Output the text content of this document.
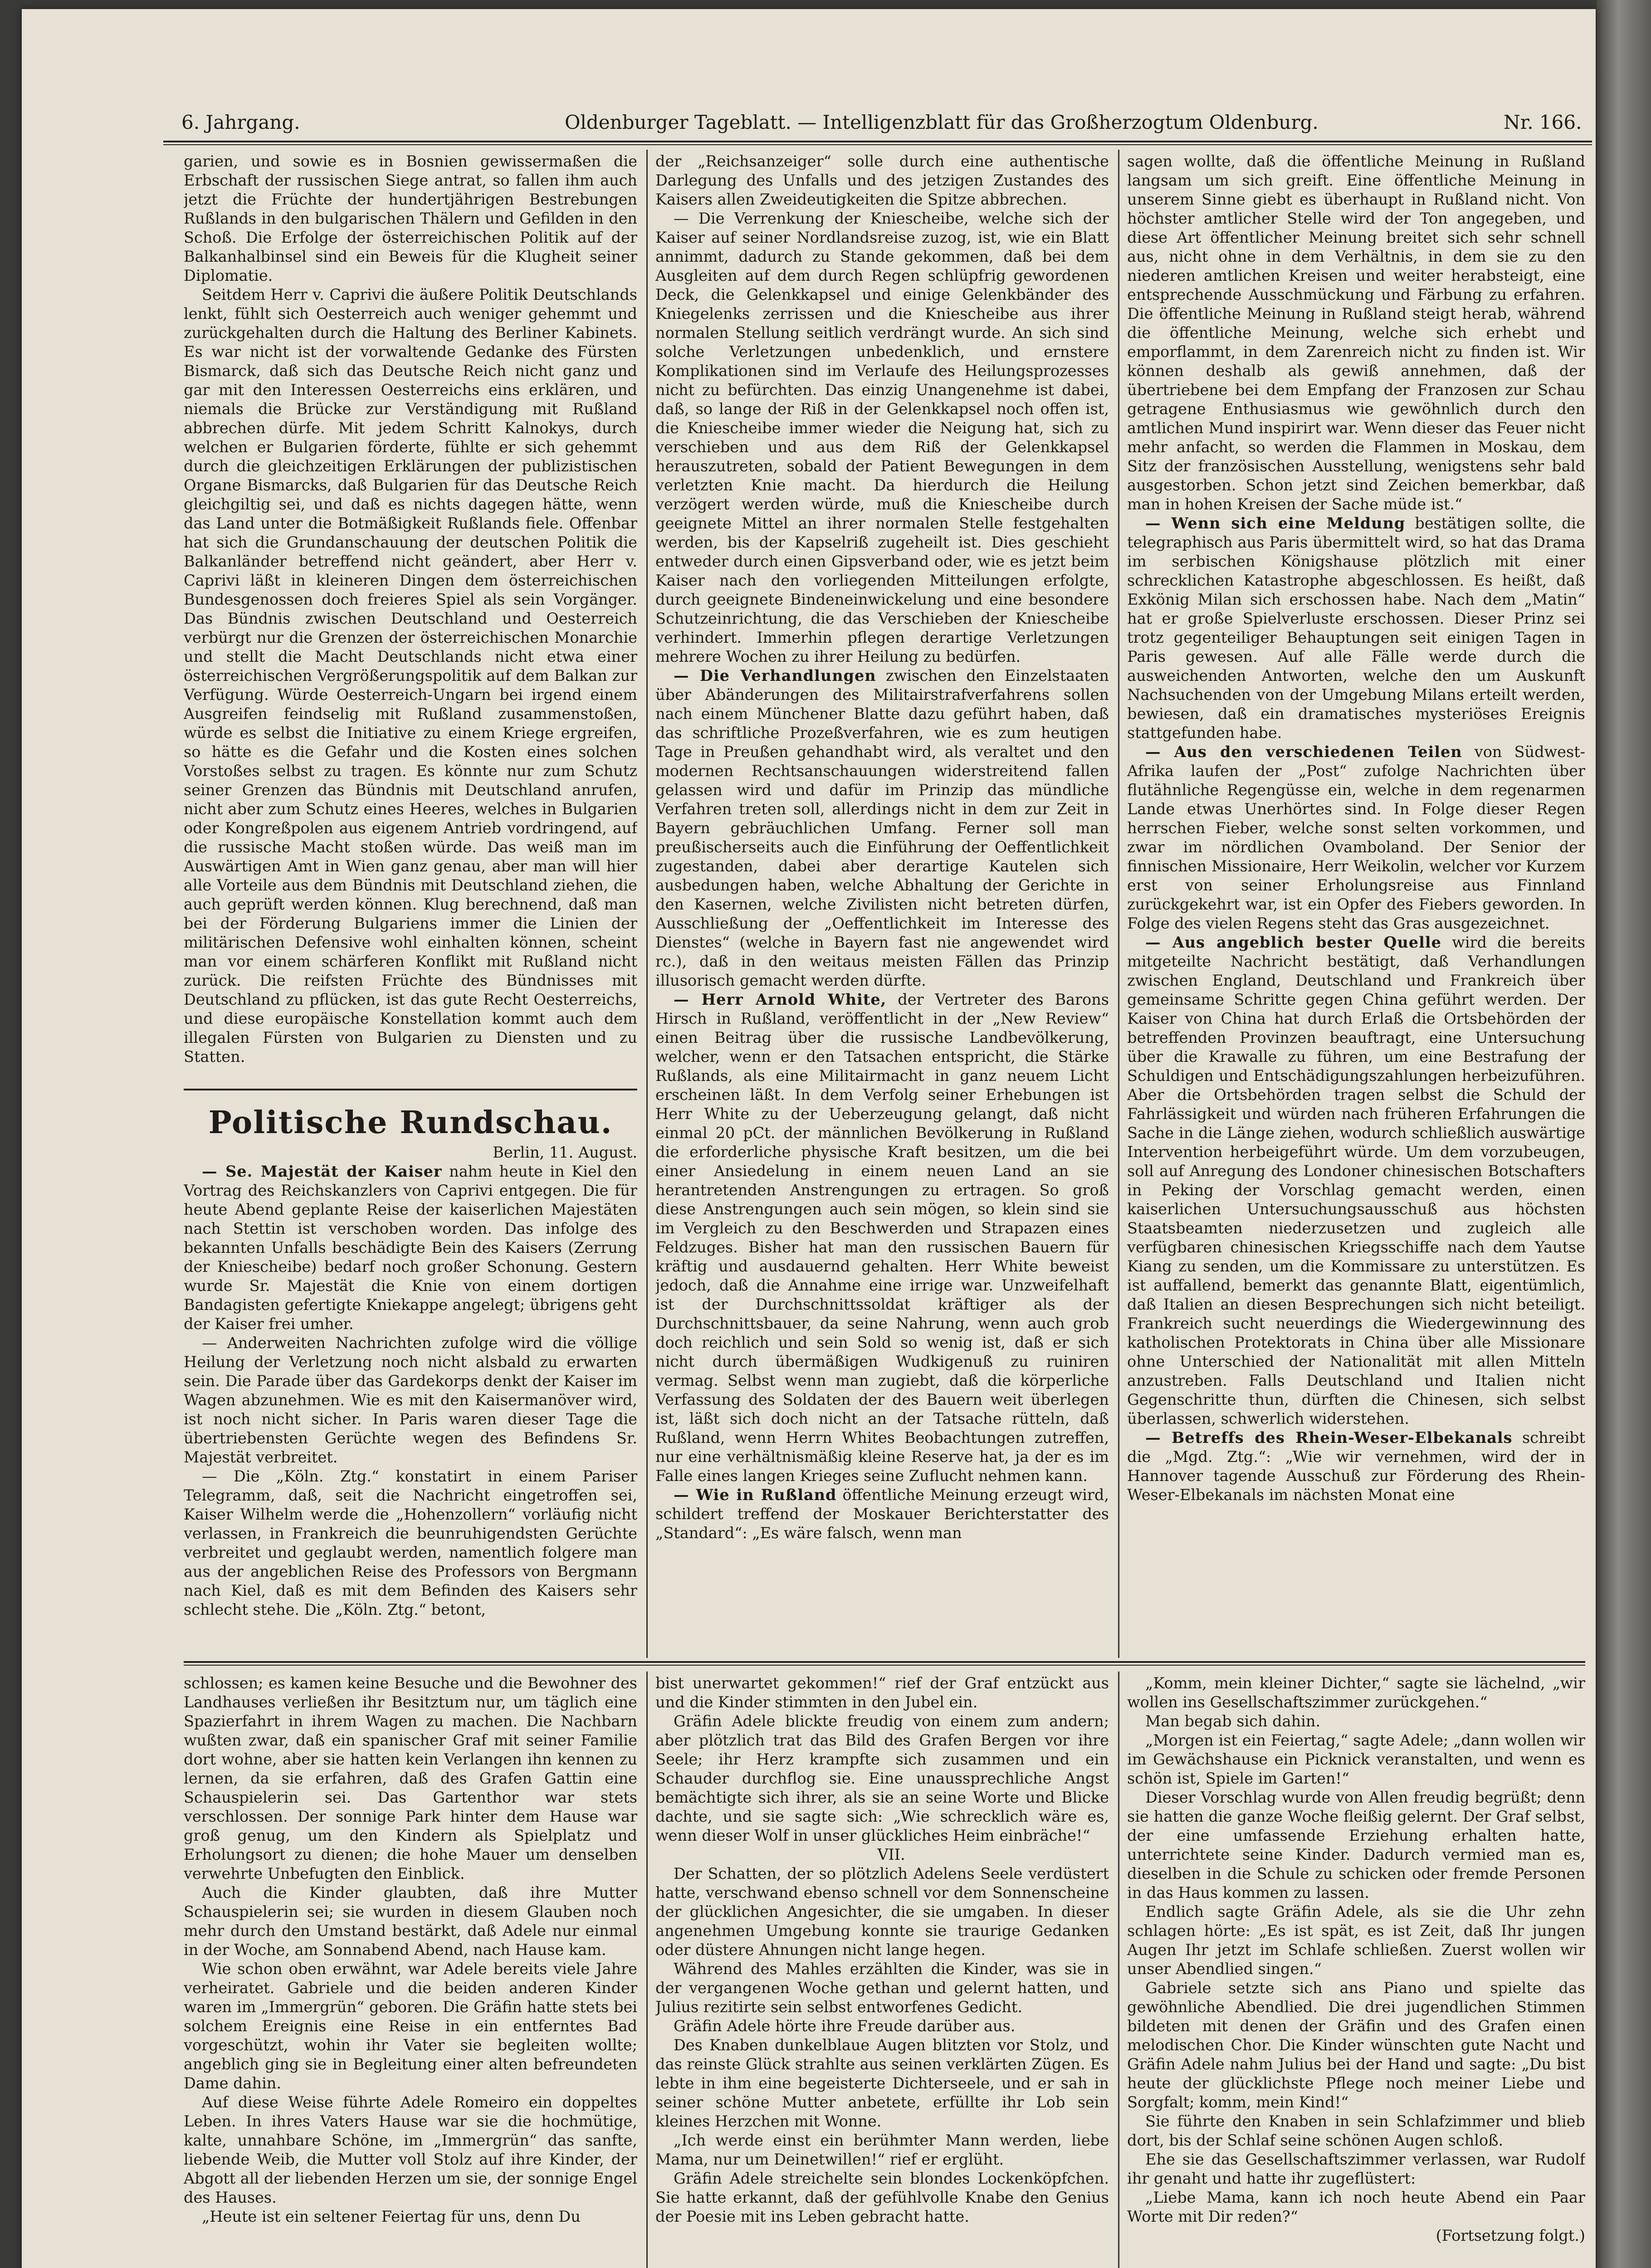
6. Jahrgang.	Oldenburger Tageblatt. — Intelligenzblatt für das Großherzogtum Oldenburg.	Nr. 166.

garien, und sowie es in Bosnien gewissermaßen die Erbschaft der russischen Siege antrat, so fallen ihm auch jetzt die Früchte der hundertjährigen Bestrebungen Rußlands in den bulgarischen Thälern und Gefilden in den Schoß. Die Erfolge der österreichischen Politik auf der Balkanhalbinsel sind ein Beweis für die Klugheit seiner Diplomatie.

Seitdem Herr v. Caprivi die äußere Politik Deutschlands lenkt, fühlt sich Oesterreich auch weniger gehemmt und zurückgehalten durch die Haltung des Berliner Kabinets. Es war nicht ist der vorwaltende Gedanke des Fürsten Bismarck, daß sich das Deutsche Reich nicht ganz und gar mit den Interessen Oesterreichs eins erklären, und niemals die Brücke zur Verständigung mit Rußland abbrechen dürfe. Mit jedem Schritt Kalnokys, durch welchen er Bulgarien förderte, fühlte er sich gehemmt durch die gleichzeitigen Erklärungen der publizistischen Organe Bismarcks, daß Bulgarien für das Deutsche Reich gleichgiltig sei, und daß es nichts dagegen hätte, wenn das Land unter die Botmäßigkeit Rußlands fiele. Offenbar hat sich die Grundanschauung der deutschen Politik die Balkanländer betreffend nicht geändert, aber Herr v. Caprivi läßt in kleineren Dingen dem österreichischen Bundesgenossen doch freieres Spiel als sein Vorgänger. Das Bündnis zwischen Deutschland und Oesterreich verbürgt nur die Grenzen der österreichischen Monarchie und stellt die Macht Deutschlands nicht etwa einer österreichischen Vergrößerungspolitik auf dem Balkan zur Verfügung. Würde Oesterreich-Ungarn bei irgend einem Ausgreifen feindselig mit Rußland zusammenstoßen, würde es selbst die Initiative zu einem Kriege ergreifen, so hätte es die Gefahr und die Kosten eines solchen Vorstoßes selbst zu tragen. Es könnte nur zum Schutz seiner Grenzen das Bündnis mit Deutschland anrufen, nicht aber zum Schutz eines Heeres, welches in Bulgarien oder Kongreßpolen aus eigenem Antrieb vordringend, auf die russische Macht stoßen würde. Das weiß man im Auswärtigen Amt in Wien ganz genau, aber man will hier alle Vorteile aus dem Bündnis mit Deutschland ziehen, die auch geprüft werden können. Klug berechnend, daß man bei der Förderung Bulgariens immer die Linien der militärischen Defensive wohl einhalten können, scheint man vor einem schärferen Konflikt mit Rußland nicht zurück. Die reifsten Früchte des Bündnisses mit Deutschland zu pflücken, ist das gute Recht Oesterreichs, und diese europäische Konstellation kommt auch dem illegalen Fürsten von Bulgarien zu Diensten und zu Statten.

Politische Rundschau.

Berlin, 11. August.

— Se. Majestät der Kaiser nahm heute in Kiel den Vortrag des Reichskanzlers von Caprivi entgegen. Die für heute Abend geplante Reise der kaiserlichen Majestäten nach Stettin ist verschoben worden. Das infolge des bekannten Unfalls beschädigte Bein des Kaisers (Zerrung der Kniescheibe) bedarf noch großer Schonung. Gestern wurde Sr. Majestät die Knie von einem dortigen Bandagisten gefertigte Kniekappe angelegt; übrigens geht der Kaiser frei umher.

— Anderweiten Nachrichten zufolge wird die völlige Heilung der Verletzung noch nicht alsbald zu erwarten sein. Die Parade über das Gardekorps denkt der Kaiser im Wagen abzunehmen. Wie es mit den Kaisermanöver wird, ist noch nicht sicher. In Paris waren dieser Tage die übertriebensten Gerüchte wegen des Befindens Sr. Majestät verbreitet.

— Die „Köln. Ztg.“ konstatirt in einem Pariser Telegramm, daß, seit die Nachricht eingetroffen sei, Kaiser Wilhelm werde die „Hohenzollern“ vorläufig nicht verlassen, in Frankreich die beunruhigendsten Gerüchte verbreitet und geglaubt werden, namentlich folgere man aus der angeblichen Reise des Professors von Bergmann nach Kiel, daß es mit dem Befinden des Kaisers sehr schlecht stehe. Die „Köln. Ztg.“ betont,

der „Reichsanzeiger“ solle durch eine authentische Darlegung des Unfalls und des jetzigen Zustandes des Kaisers allen Zweideutigkeiten die Spitze abbrechen.

— Die Verrenkung der Kniescheibe, welche sich der Kaiser auf seiner Nordlandsreise zuzog, ist, wie ein Blatt annimmt, dadurch zu Stande gekommen, daß bei dem Ausgleiten auf dem durch Regen schlüpfrig gewordenen Deck, die Gelenkkapsel und einige Gelenkbänder des Kniegelenks zerrissen und die Kniescheibe aus ihrer normalen Stellung seitlich verdrängt wurde. An sich sind solche Verletzungen unbedenklich, und ernstere Komplikationen sind im Verlaufe des Heilungsprozesses nicht zu befürchten. Das einzig Unangenehme ist dabei, daß, so lange der Riß in der Gelenkkapsel noch offen ist, die Kniescheibe immer wieder die Neigung hat, sich zu verschieben und aus dem Riß der Gelenkkapsel herauszutreten, sobald der Patient Bewegungen in dem verletzten Knie macht. Da hierdurch die Heilung verzögert werden würde, muß die Kniescheibe durch geeignete Mittel an ihrer normalen Stelle festgehalten werden, bis der Kapselriß zugeheilt ist. Dies geschieht entweder durch einen Gipsverband oder, wie es jetzt beim Kaiser nach den vorliegenden Mitteilungen erfolgte, durch geeignete Bindeneinwickelung und eine besondere Schutzeinrichtung, die das Verschieben der Kniescheibe verhindert. Immerhin pflegen derartige Verletzungen mehrere Wochen zu ihrer Heilung zu bedürfen.

— Die Verhandlungen zwischen den Einzelstaaten über Abänderungen des Militairstrafverfahrens sollen nach einem Münchener Blatte dazu geführt haben, daß das schriftliche Prozeßverfahren, wie es zum heutigen Tage in Preußen gehandhabt wird, als veraltet und den modernen Rechtsanschauungen widerstreitend fallen gelassen wird und dafür im Prinzip das mündliche Verfahren treten soll, allerdings nicht in dem zur Zeit in Bayern gebräuchlichen Umfang. Ferner soll man preußischerseits auch die Einführung der Oeffentlichkeit zugestanden, dabei aber derartige Kautelen sich ausbedungen haben, welche Abhaltung der Gerichte in den Kasernen, welche Zivilisten nicht betreten dürfen, Ausschließung der „Oeffentlichkeit im Interesse des Dienstes“ (welche in Bayern fast nie angewendet wird rc.), daß in den weitaus meisten Fällen das Prinzip illusorisch gemacht werden dürfte.

— Herr Arnold White, der Vertreter des Barons Hirsch in Rußland, veröffentlicht in der „New Review“ einen Beitrag über die russische Landbevölkerung, welcher, wenn er den Tatsachen entspricht, die Stärke Rußlands, als eine Militairmacht in ganz neuem Licht erscheinen läßt. In dem Verfolg seiner Erhebungen ist Herr White zu der Ueberzeugung gelangt, daß nicht einmal 20 pCt. der männlichen Bevölkerung in Rußland die erforderliche physische Kraft besitzen, um die bei einer Ansiedelung in einem neuen Land an sie herantretenden Anstrengungen zu ertragen. So groß diese Anstrengungen auch sein mögen, so klein sind sie im Vergleich zu den Beschwerden und Strapazen eines Feldzuges. Bisher hat man den russischen Bauern für kräftig und ausdauernd gehalten. Herr White beweist jedoch, daß die Annahme eine irrige war. Unzweifelhaft ist der Durchschnittssoldat kräftiger als der Durchschnittsbauer, da seine Nahrung, wenn auch grob doch reichlich und sein Sold so wenig ist, daß er sich nicht durch übermäßigen Wudkigenuß zu ruiniren vermag. Selbst wenn man zugiebt, daß die körperliche Verfassung des Soldaten der des Bauern weit überlegen ist, läßt sich doch nicht an der Tatsache rütteln, daß Rußland, wenn Herrn Whites Beobachtungen zutreffen, nur eine verhältnismäßig kleine Reserve hat, ja der es im Falle eines langen Krieges seine Zuflucht nehmen kann.

— Wie in Rußland öffentliche Meinung erzeugt wird, schildert treffend der Moskauer Berichterstatter des „Standard“: „Es wäre falsch, wenn man

sagen wollte, daß die öffentliche Meinung in Rußland langsam um sich greift. Eine öffentliche Meinung in unserem Sinne giebt es überhaupt in Rußland nicht. Von höchster amtlicher Stelle wird der Ton angegeben, und diese Art öffentlicher Meinung breitet sich sehr schnell aus, nicht ohne in dem Verhältnis, in dem sie zu den niederen amtlichen Kreisen und weiter herabsteigt, eine entsprechende Ausschmückung und Färbung zu erfahren. Die öffentliche Meinung in Rußland steigt herab, während die öffentliche Meinung, welche sich erhebt und emporflammt, in dem Zarenreich nicht zu finden ist. Wir können deshalb als gewiß annehmen, daß der übertriebene bei dem Empfang der Franzosen zur Schau getragene Enthusiasmus wie gewöhnlich durch den amtlichen Mund inspirirt war. Wenn dieser das Feuer nicht mehr anfacht, so werden die Flammen in Moskau, dem Sitz der französischen Ausstellung, wenigstens sehr bald ausgestorben. Schon jetzt sind Zeichen bemerkbar, daß man in hohen Kreisen der Sache müde ist.“

— Wenn sich eine Meldung bestätigen sollte, die telegraphisch aus Paris übermittelt wird, so hat das Drama im serbischen Königshause plötzlich mit einer schrecklichen Katastrophe abgeschlossen. Es heißt, daß Exkönig Milan sich erschossen habe. Nach dem „Matin“ hat er große Spielverluste erschossen. Dieser Prinz sei trotz gegenteiliger Behauptungen seit einigen Tagen in Paris gewesen. Auf alle Fälle werde durch die ausweichenden Antworten, welche den um Auskunft Nachsuchenden von der Umgebung Milans erteilt werden, bewiesen, daß ein dramatisches mysteriöses Ereignis stattgefunden habe.

— Aus den verschiedenen Teilen von Südwest-Afrika laufen der „Post“ zufolge Nachrichten über flutähnliche Regengüsse ein, welche in dem regenarmen Lande etwas Unerhörtes sind. In Folge dieser Regen herrschen Fieber, welche sonst selten vorkommen, und zwar im nördlichen Ovamboland. Der Senior der finnischen Missionaire, Herr Weikolin, welcher vor Kurzem erst von seiner Erholungsreise aus Finnland zurückgekehrt war, ist ein Opfer des Fiebers geworden. In Folge des vielen Regens steht das Gras ausgezeichnet.

— Aus angeblich bester Quelle wird die bereits mitgeteilte Nachricht bestätigt, daß Verhandlungen zwischen England, Deutschland und Frankreich über gemeinsame Schritte gegen China geführt werden. Der Kaiser von China hat durch Erlaß die Ortsbehörden der betreffenden Provinzen beauftragt, eine Untersuchung über die Krawalle zu führen, um eine Bestrafung der Schuldigen und Entschädigungszahlungen herbeizuführen. Aber die Ortsbehörden tragen selbst die Schuld der Fahrlässigkeit und würden nach früheren Erfahrungen die Sache in die Länge ziehen, wodurch schließlich auswärtige Intervention herbeigeführt würde. Um dem vorzubeugen, soll auf Anregung des Londoner chinesischen Botschafters in Peking der Vorschlag gemacht werden, einen kaiserlichen Untersuchungsausschuß aus höchsten Staatsbeamten niederzusetzen und zugleich alle verfügbaren chinesischen Kriegsschiffe nach dem Yautse Kiang zu senden, um die Kommissare zu unterstützen. Es ist auffallend, bemerkt das genannte Blatt, eigentümlich, daß Italien an diesen Besprechungen sich nicht beteiligt. Frankreich sucht neuerdings die Wiedergewinnung des katholischen Protektorats in China über alle Missionare ohne Unterschied der Nationalität mit allen Mitteln anzustreben. Falls Deutschland und Italien nicht Gegenschritte thun, dürften die Chinesen, sich selbst überlassen, schwerlich widerstehen.

— Betreffs des Rhein-Weser-Elbekanals schreibt die „Mgd. Ztg.“: „Wie wir vernehmen, wird der in Hannover tagende Ausschuß zur Förderung des Rhein-Weser-Elbekanals im nächsten Monat eine

schlossen; es kamen keine Besuche und die Bewohner des Landhauses verließen ihr Besitztum nur, um täglich eine Spazierfahrt in ihrem Wagen zu machen. Die Nachbarn wußten zwar, daß ein spanischer Graf mit seiner Familie dort wohne, aber sie hatten kein Verlangen ihn kennen zu lernen, da sie erfahren, daß des Grafen Gattin eine Schauspielerin sei. Das Gartenthor war stets verschlossen. Der sonnige Park hinter dem Hause war groß genug, um den Kindern als Spielplatz und Erholungsort zu dienen; die hohe Mauer um denselben verwehrte Unbefugten den Einblick.

Auch die Kinder glaubten, daß ihre Mutter Schauspielerin sei; sie wurden in diesem Glauben noch mehr durch den Umstand bestärkt, daß Adele nur einmal in der Woche, am Sonnabend Abend, nach Hause kam.

Wie schon oben erwähnt, war Adele bereits viele Jahre verheiratet. Gabriele und die beiden anderen Kinder waren im „Immergrün“ geboren. Die Gräfin hatte stets bei solchem Ereignis eine Reise in ein entferntes Bad vorgeschützt, wohin ihr Vater sie begleiten wollte; angeblich ging sie in Begleitung einer alten befreundeten Dame dahin.

Auf diese Weise führte Adele Romeiro ein doppeltes Leben. In ihres Vaters Hause war sie die hochmütige, kalte, unnahbare Schöne, im „Immergrün“ das sanfte, liebende Weib, die Mutter voll Stolz auf ihre Kinder, der Abgott all der liebenden Herzen um sie, der sonnige Engel des Hauses.

„Heute ist ein seltener Feiertag für uns, denn Du

bist unerwartet gekommen!“ rief der Graf entzückt aus und die Kinder stimmten in den Jubel ein.

Gräfin Adele blickte freudig von einem zum andern; aber plötzlich trat das Bild des Grafen Bergen vor ihre Seele; ihr Herz krampfte sich zusammen und ein Schauder durchflog sie. Eine unaussprechliche Angst bemächtigte sich ihrer, als sie an seine Worte und Blicke dachte, und sie sagte sich: „Wie schrecklich wäre es, wenn dieser Wolf in unser glückliches Heim einbräche!“

VII.

Der Schatten, der so plötzlich Adelens Seele verdüstert hatte, verschwand ebenso schnell vor dem Sonnenscheine der glücklichen Angesichter, die sie umgaben. In dieser angenehmen Umgebung konnte sie traurige Gedanken oder düstere Ahnungen nicht lange hegen.

Während des Mahles erzählten die Kinder, was sie in der vergangenen Woche gethan und gelernt hatten, und Julius rezitirte sein selbst entworfenes Gedicht.

Gräfin Adele hörte ihre Freude darüber aus.

Des Knaben dunkelblaue Augen blitzten vor Stolz, und das reinste Glück strahlte aus seinen verklärten Zügen. Es lebte in ihm eine begeisterte Dichterseele, und er sah in seiner schöne Mutter anbetete, erfüllte ihr Lob sein kleines Herzchen mit Wonne.

„Ich werde einst ein berühmter Mann werden, liebe Mama, nur um Deinetwillen!“ rief er erglüht.

Gräfin Adele streichelte sein blondes Lockenköpfchen. Sie hatte erkannt, daß der gefühlvolle Knabe den Genius der Poesie mit ins Leben gebracht hatte.

„Komm, mein kleiner Dichter,“ sagte sie lächelnd, „wir wollen ins Gesellschaftszimmer zurückgehen.“

Man begab sich dahin.

„Morgen ist ein Feiertag,“ sagte Adele; „dann wollen wir im Gewächshause ein Picknick veranstalten, und wenn es schön ist, Spiele im Garten!“

Dieser Vorschlag wurde von Allen freudig begrüßt; denn sie hatten die ganze Woche fleißig gelernt. Der Graf selbst, der eine umfassende Erziehung erhalten hatte, unterrichtete seine Kinder. Dadurch vermied man es, dieselben in die Schule zu schicken oder fremde Personen in das Haus kommen zu lassen.

Endlich sagte Gräfin Adele, als sie die Uhr zehn schlagen hörte: „Es ist spät, es ist Zeit, daß Ihr jungen Augen Ihr jetzt im Schlafe schließen. Zuerst wollen wir unser Abendlied singen.“

Gabriele setzte sich ans Piano und spielte das gewöhnliche Abendlied. Die drei jugendlichen Stimmen bildeten mit denen der Gräfin und des Grafen einen melodischen Chor. Die Kinder wünschten gute Nacht und Gräfin Adele nahm Julius bei der Hand und sagte: „Du bist heute der glücklichste Pflege noch meiner Liebe und Sorgfalt; komm, mein Kind!“

Sie führte den Knaben in sein Schlafzimmer und blieb dort, bis der Schlaf seine schönen Augen schloß.

Ehe sie das Gesellschaftszimmer verlassen, war Rudolf ihr genaht und hatte ihr zugeflüstert:

„Liebe Mama, kann ich noch heute Abend ein Paar Worte mit Dir reden?“

(Fortsetzung folgt.)
